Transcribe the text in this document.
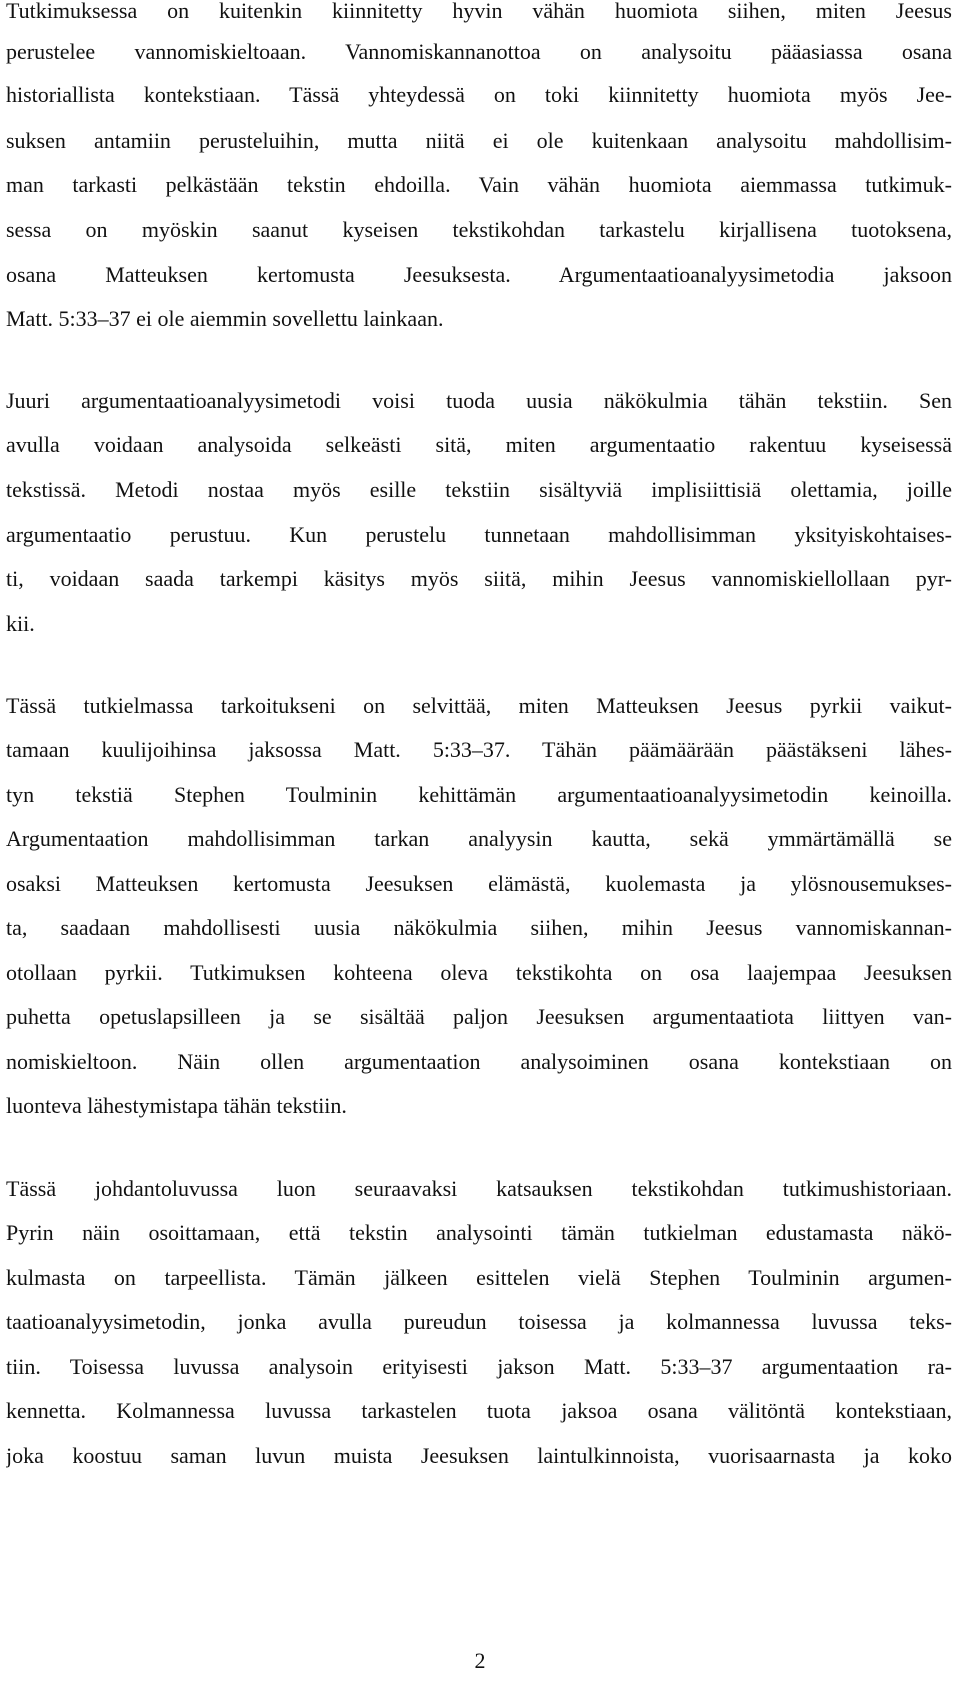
Tutkimuksessa on kuitenkin kiinnitetty hyvin vähän huomiota siihen, miten Jeesus
perustelee vannomiskieltoaan. Vannomiskannanottoa on analysoitu pääasiassa osana
historiallista kontekstiaan. Tässä yhteydessä on toki kiinnitetty huomiota myös Jee-
suksen antamiin perusteluihin, mutta niitä ei ole kuitenkaan analysoitu mahdollisim-
man tarkasti pelkästään tekstin ehdoilla. Vain vähän huomiota aiemmassa tutkimuk-
sessa on myöskin saanut kyseisen tekstikohdan tarkastelu kirjallisena tuotoksena,
osana Matteuksen kertomusta Jeesuksesta. Argumentaatioanalyysimetodia jaksoon
Matt. 5:33–37 ei ole aiemmin sovellettu lainkaan.
Juuri argumentaatioanalyysimetodi voisi tuoda uusia näkökulmia tähän tekstiin. Sen
avulla voidaan analysoida selkeästi sitä, miten argumentaatio rakentuu kyseisessä
tekstissä. Metodi nostaa myös esille tekstiin sisältyviä implisiittisiä olettamia, joille
argumentaatio perustuu. Kun perustelu tunnetaan mahdollisimman yksityiskohtaises-
ti, voidaan saada tarkempi käsitys myös siitä, mihin Jeesus vannomiskiellollaan pyr-
kii.
Tässä tutkielmassa tarkoitukseni on selvittää, miten Matteuksen Jeesus pyrkii vaikut-
tamaan kuulijoihinsa jaksossa Matt. 5:33–37. Tähän päämäärään päästäkseni lähes-
tyn tekstiä Stephen Toulminin kehittämän argumentaatioanalyysimetodin keinoilla.
Argumentaation mahdollisimman tarkan analyysin kautta, sekä ymmärtämällä se
osaksi Matteuksen kertomusta Jeesuksen elämästä, kuolemasta ja ylösnousemukses-
ta, saadaan mahdollisesti uusia näkökulmia siihen, mihin Jeesus vannomiskannan-
otollaan pyrkii. Tutkimuksen kohteena oleva tekstikohta on osa laajempaa Jeesuksen
puhetta opetuslapsilleen ja se sisältää paljon Jeesuksen argumentaatiota liittyen van-
nomiskieltoon. Näin ollen argumentaation analysoiminen osana kontekstiaan on
luonteva lähestymistapa tähän tekstiin.
Tässä johdantoluvussa luon seuraavaksi katsauksen tekstikohdan tutkimushistoriaan.
Pyrin näin osoittamaan, että tekstin analysointi tämän tutkielman edustamasta näkö-
kulmasta on tarpeellista. Tämän jälkeen esittelen vielä Stephen Toulminin argumen-
taatioanalyysimetodin, jonka avulla pureudun toisessa ja kolmannessa luvussa teks-
tiin. Toisessa luvussa analysoin erityisesti jakson Matt. 5:33–37 argumentaation ra-
kennetta. Kolmannessa luvussa tarkastelen tuota jaksoa osana välitöntä kontekstiaan,
joka koostuu saman luvun muista Jeesuksen laintulkinnoista, vuorisaarnasta ja koko
2
